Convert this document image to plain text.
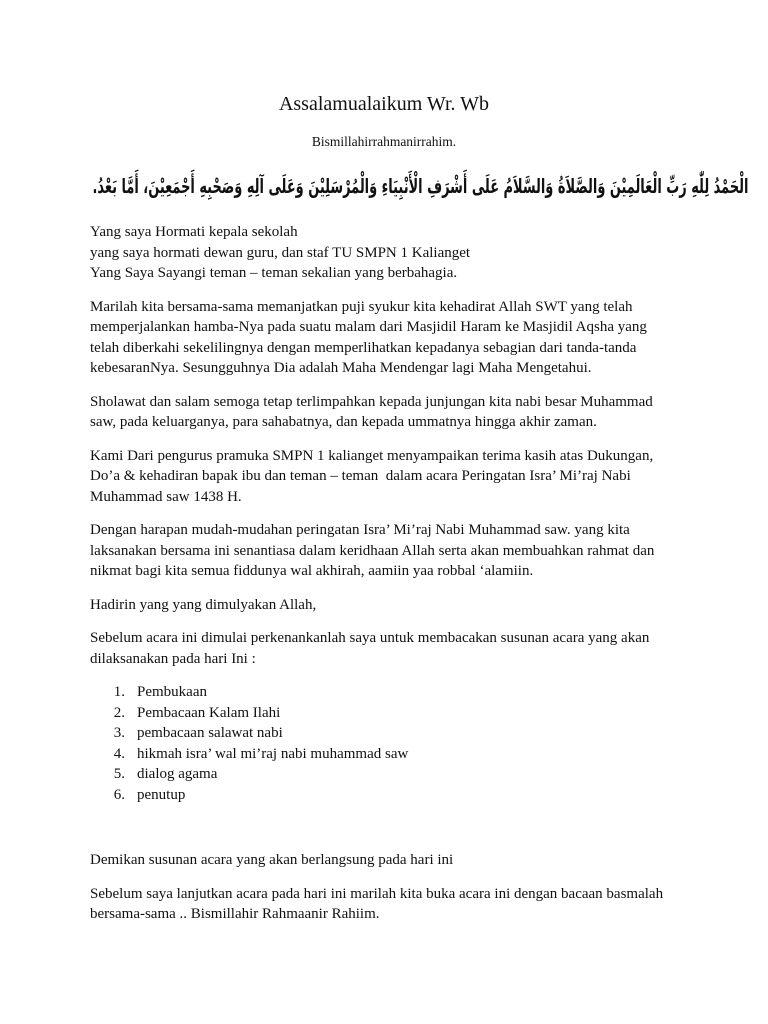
Assalamualaikum Wr. Wb
Bismillahirrahmanirrahim.
الْحَمْدُ لِلّٰهِ رَبِّ الْعَالَمِيْنَ وَالصَّلاَةُ وَالسَّلاَمُ عَلَى أَشْرَفِ الْأَنْبِيَاءِ وَالْمُرْسَلِيْنَ وَعَلَى آلِهِ وَصَحْبِهِ أَجْمَعِيْنَ، أَمَّا بَعْدُ.
Yang saya Hormati kepala sekolah
yang saya hormati dewan guru, dan staf TU SMPN 1 Kalianget
Yang Saya Sayangi teman – teman sekalian yang berbahagia.
Marilah kita bersama-sama memanjatkan puji syukur kita kehadirat Allah SWT yang telah
memperjalankan hamba-Nya pada suatu malam dari Masjidil Haram ke Masjidil Aqsha yang
telah diberkahi sekelilingnya dengan memperlihatkan kepadanya sebagian dari tanda-tanda
kebesaranNya. Sesungguhnya Dia adalah Maha Mendengar lagi Maha Mengetahui.
Sholawat dan salam semoga tetap terlimpahkan kepada junjungan kita nabi besar Muhammad
saw, pada keluarganya, para sahabatnya, dan kepada ummatnya hingga akhir zaman.
Kami Dari pengurus pramuka SMPN 1 kalianget menyampaikan terima kasih atas Dukungan,
Do’a & kehadiran bapak ibu dan teman – teman  dalam acara Peringatan Isra’ Mi’raj Nabi
Muhammad saw 1438 H.
Dengan harapan mudah-mudahan peringatan Isra’ Mi’raj Nabi Muhammad saw. yang kita
laksanakan bersama ini senantiasa dalam keridhaan Allah serta akan membuahkan rahmat dan
nikmat bagi kita semua fiddunya wal akhirah, aamiin yaa robbal ‘alamiin.
Hadirin yang yang dimulyakan Allah,
Sebelum acara ini dimulai perkenankanlah saya untuk membacakan susunan acara yang akan
dilaksanakan pada hari Ini :
1. Pembukaan
2. Pembacaan Kalam Ilahi
3. pembacaan salawat nabi
4. hikmah isra’ wal mi’raj nabi muhammad saw
5. dialog agama
6. penutup
Demikan susunan acara yang akan berlangsung pada hari ini
Sebelum saya lanjutkan acara pada hari ini marilah kita buka acara ini dengan bacaan basmalah
bersama-sama .. Bismillahir Rahmaanir Rahiim.
